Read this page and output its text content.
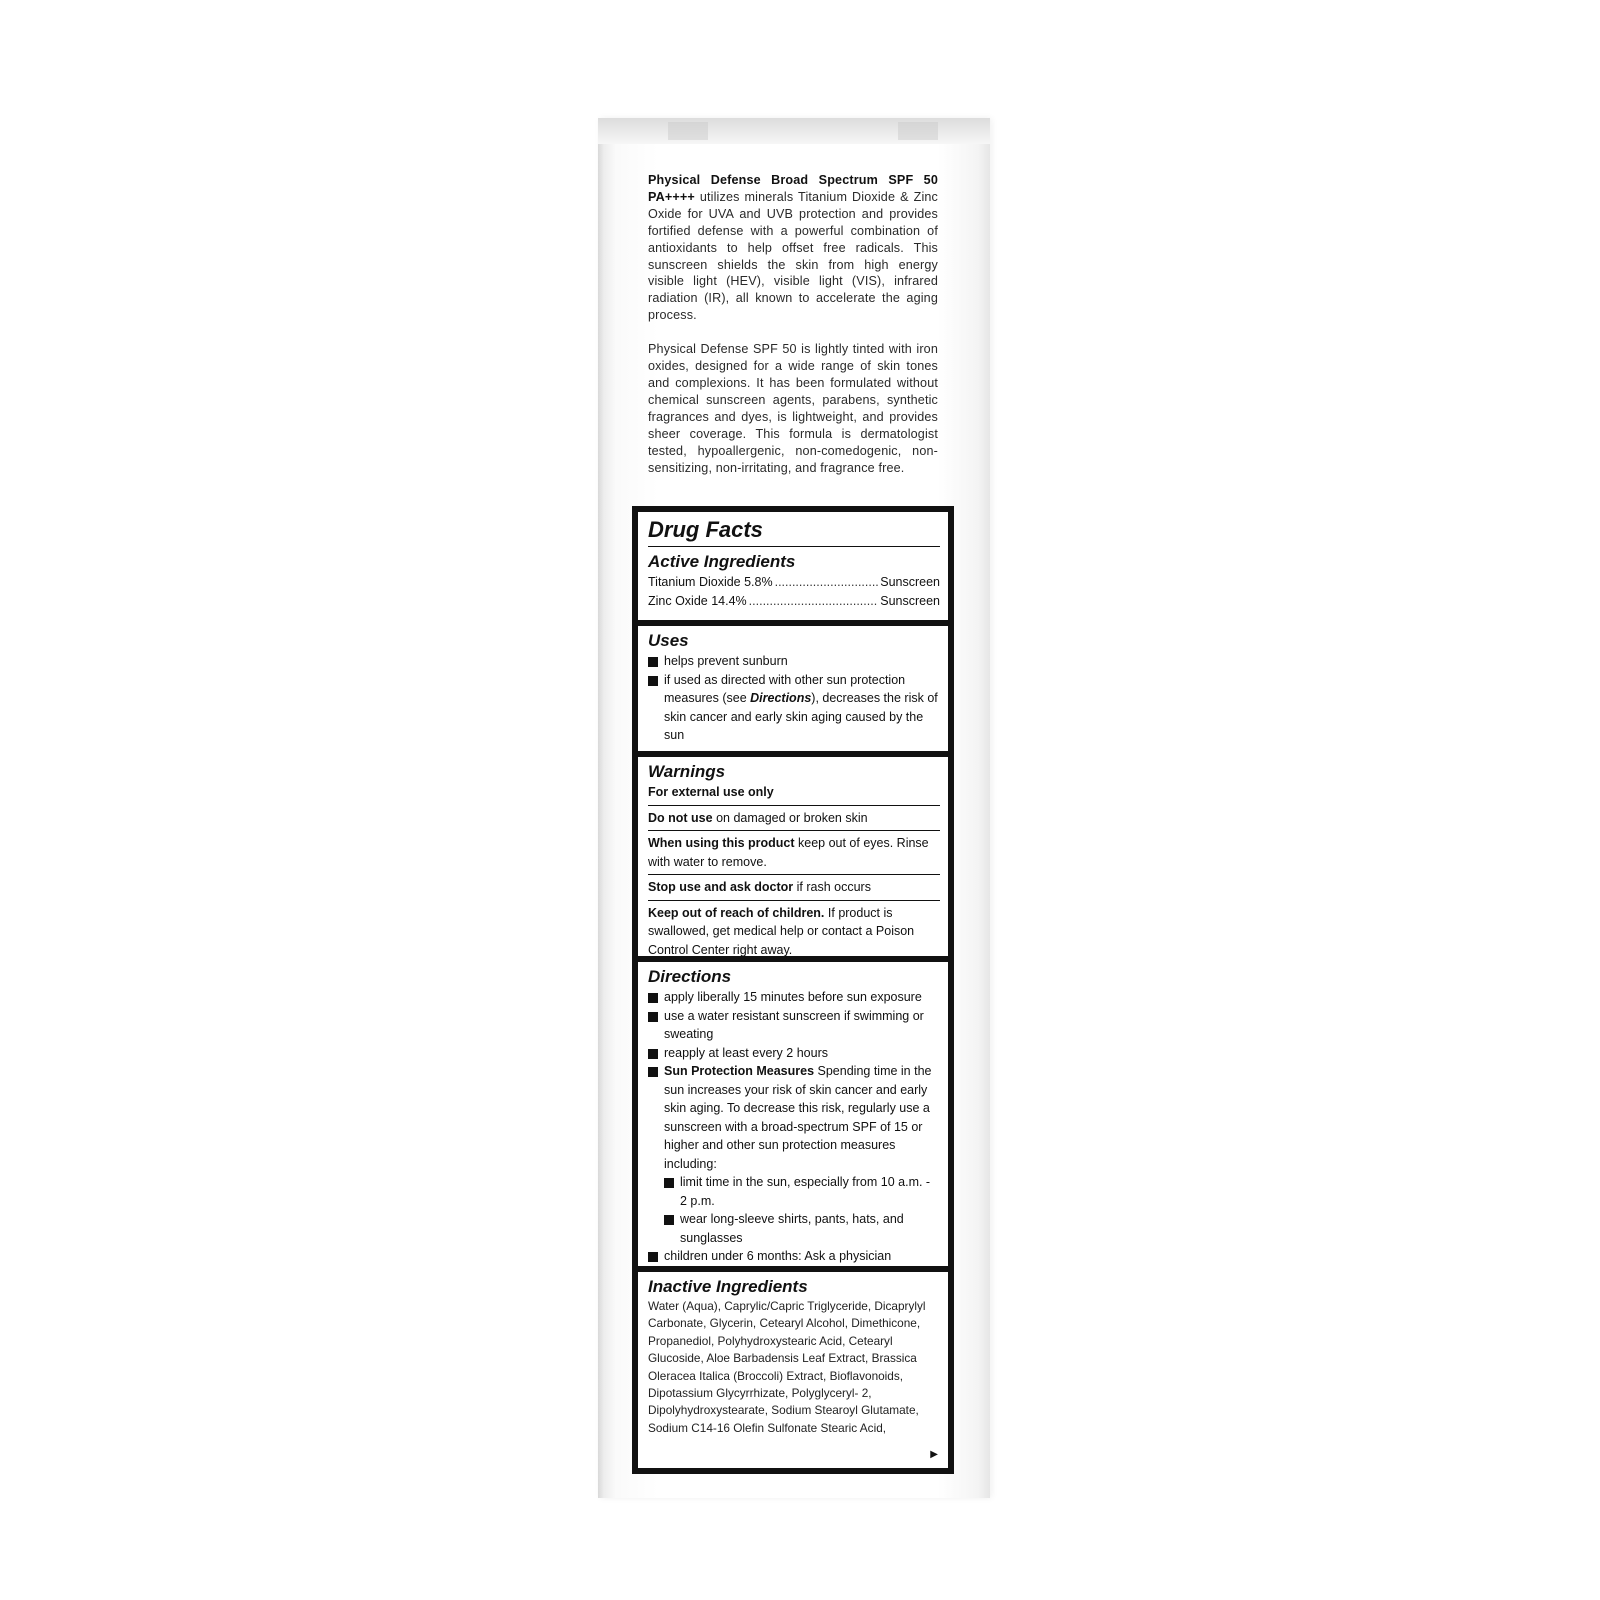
Physical Defense Broad Spectrum SPF 50 PA++++ utilizes minerals Titanium Dioxide & Zinc Oxide for UVA and UVB protection and provides fortified defense with a powerful combination of antioxidants to help offset free radicals. This sunscreen shields the skin from high energy visible light (HEV), visible light (VIS), infrared radiation (IR), all known to accelerate the aging process.

Physical Defense SPF 50 is lightly tinted with iron oxides, designed for a wide range of skin tones and complexions. It has been formulated without chemical sunscreen agents, parabens, synthetic fragrances and dyes, is lightweight, and provides sheer coverage. This formula is dermatologist tested, hypoallergenic, non-comedogenic, non-sensitizing, non-irritating, and fragrance free.

Drug Facts
Active Ingredients
Titanium Dioxide 5.8% .....	Sunscreen
Zinc Oxide 14.4% .....	Sunscreen
Uses
helps prevent sunburn
if used as directed with other sun protection measures (see Directions), decreases the risk of skin cancer and early skin aging caused by the sun
Warnings
For external use only
Do not use on damaged or broken skin
When using this product keep out of eyes. Rinse with water to remove.
Stop use and ask doctor if rash occurs
Keep out of reach of children. If product is swallowed, get medical help or contact a Poison Control Center right away.
Directions
apply liberally 15 minutes before sun exposure
use a water resistant sunscreen if swimming or sweating
reapply at least every 2 hours
Sun Protection Measures Spending time in the sun increases your risk of skin cancer and early skin aging. To decrease this risk, regularly use a sunscreen with a broad-spectrum SPF of 15 or higher and other sun protection measures including:
limit time in the sun, especially from 10 a.m. - 2 p.m.
wear long-sleeve shirts, pants, hats, and sunglasses
children under 6 months: Ask a physician
Inactive Ingredients
Water (Aqua), Caprylic/Capric Triglyceride, Dicaprylyl Carbonate, Glycerin, Cetearyl Alcohol, Dimethicone, Propanediol, Polyhydroxystearic Acid, Cetearyl Glucoside, Aloe Barbadensis Leaf Extract, Brassica Oleracea Italica (Broccoli) Extract, Bioflavonoids, Dipotassium Glycyrrhizate, Polyglyceryl- 2, Dipolyhydroxystearate, Sodium Stearoyl Glutamate, Sodium C14-16 Olefin Sulfonate Stearic Acid,
▶
